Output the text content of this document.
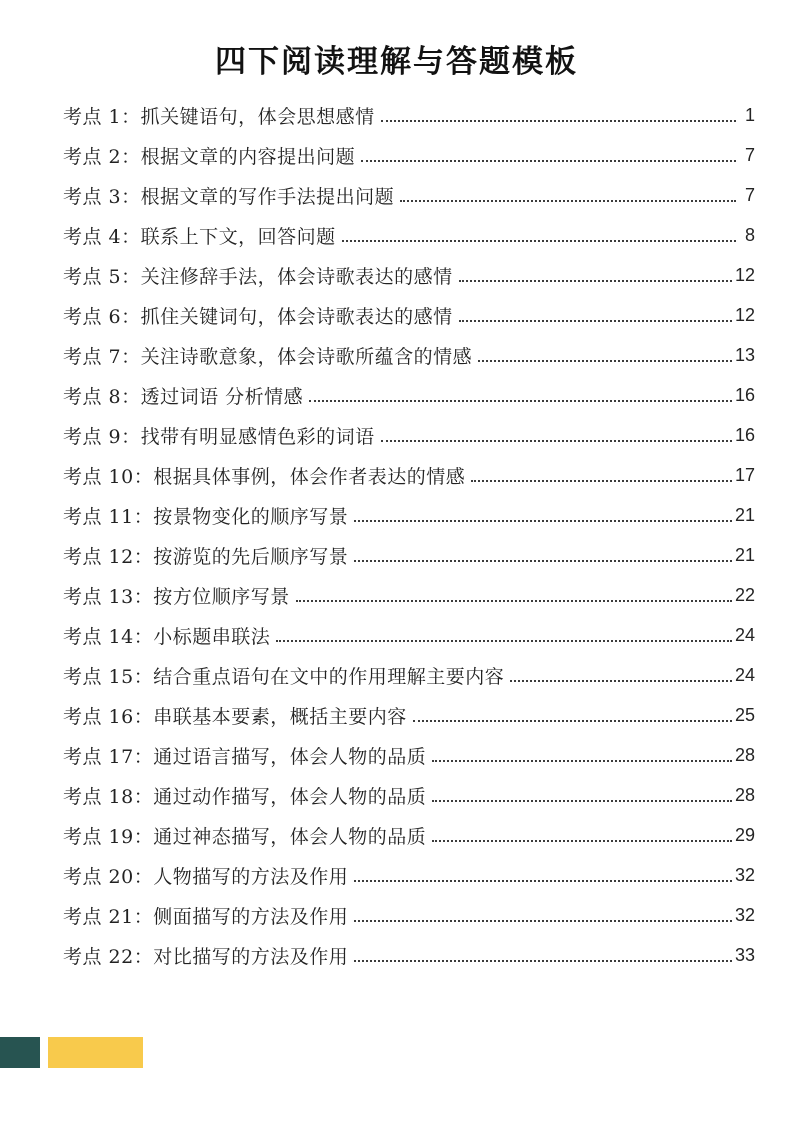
四下阅读理解与答题模板
考点 1：抓关键语句，体会思想感情	1
考点 2：根据文章的内容提出问题	7
考点 3：根据文章的写作手法提出问题	7
考点 4：联系上下文，回答问题	8
考点 5：关注修辞手法，体会诗歌表达的感情	12
考点 6：抓住关键词句，体会诗歌表达的感情	12
考点 7：关注诗歌意象，体会诗歌所蕴含的情感	13
考点 8：透过词语 分析情感	16
考点 9：找带有明显感情色彩的词语	16
考点 10：根据具体事例，体会作者表达的情感	17
考点 11：按景物变化的顺序写景	21
考点 12：按游览的先后顺序写景	21
考点 13：按方位顺序写景	22
考点 14：小标题串联法	24
考点 15：结合重点语句在文中的作用理解主要内容	24
考点 16：串联基本要素，概括主要内容	25
考点 17：通过语言描写，体会人物的品质	28
考点 18：通过动作描写，体会人物的品质	28
考点 19：通过神态描写，体会人物的品质	29
考点 20：人物描写的方法及作用	32
考点 21：侧面描写的方法及作用	32
考点 22：对比描写的方法及作用	33
